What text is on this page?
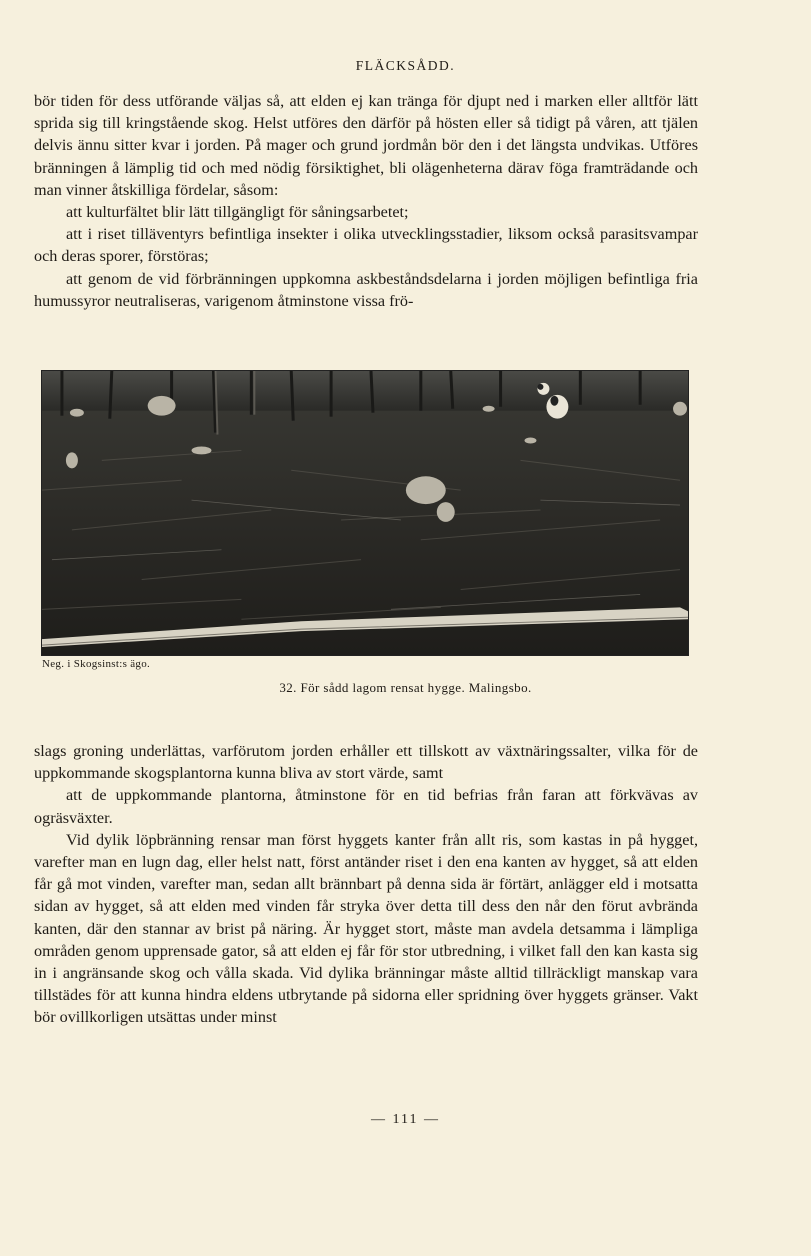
FLÄCKSÅDD.

bör tiden för dess utförande väljas så, att elden ej kan tränga för djupt ned i marken eller alltför lätt sprida sig till kringstående skog. Helst utföres den därför på hösten eller så tidigt på våren, att tjälen delvis ännu sitter kvar i jorden. På mager och grund jordmån bör den i det längsta undvikas. Utföres bränningen å lämplig tid och med nödig försiktighet, bli olägenheterna därav föga framträdande och man vinner åtskilliga fördelar, såsom:

att kulturfältet blir lätt tillgängligt för såningsarbetet;

att i riset tilläventyrs befintliga insekter i olika utvecklingsstadier, liksom också parasitsvampar och deras sporer, förstöras;

att genom de vid förbränningen uppkomna askbeståndsdelarna i jorden möjligen befintliga fria humussyror neutraliseras, varigenom åtminstone vissa frö-

Neg. i Skogsinst:s ägo.
32. För sådd lagom rensat hygge. Malingsbo.

slags groning underlättas, varförutom jorden erhåller ett tillskott av växtnäringssalter, vilka för de uppkommande skogsplantorna kunna bliva av stort värde, samt

att de uppkommande plantorna, åtminstone för en tid befrias från faran att förkvävas av ogräsväxter.

Vid dylik löpbränning rensar man först hyggets kanter från allt ris, som kastas in på hygget, varefter man en lugn dag, eller helst natt, först antänder riset i den ena kanten av hygget, så att elden får gå mot vinden, varefter man, sedan allt brännbart på denna sida är förtärt, anlägger eld i motsatta sidan av hygget, så att elden med vinden får stryka över detta till dess den når den förut avbrända kanten, där den stannar av brist på näring. Är hygget stort, måste man avdela detsamma i lämpliga områden genom upprensade gator, så att elden ej får för stor utbredning, i vilket fall den kan kasta sig in i angränsande skog och vålla skada. Vid dylika bränningar måste alltid tillräckligt manskap vara tillstädes för att kunna hindra eldens utbrytande på sidorna eller spridning över hyggets gränser. Vakt bör ovillkorligen utsättas under minst

— 111 —
